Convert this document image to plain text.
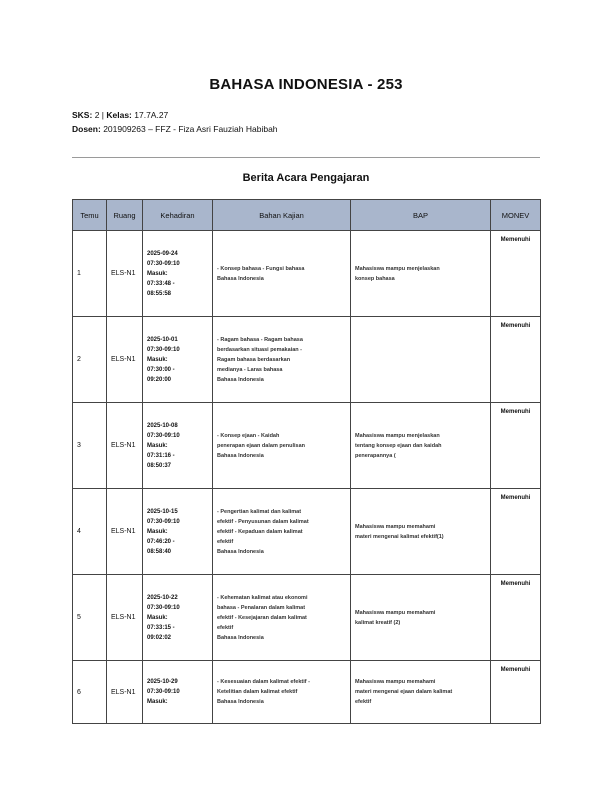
BAHASA INDONESIA - 253
SKS: 2 | Kelas: 17.7A.27
Dosen: 201909263 – FFZ - Fiza Asri Fauziah Habibah
Berita Acara Pengajaran
Temu	Ruang	Kehadiran	Bahan Kajian	BAP	MONEV
1	ELS-N1	2025-09-24
07:30-09:10
Masuk:
07:33:48 -
08:55:58	- Konsep bahasa - Fungsi bahasa
Bahasa Indonesia	Mahasiswa mampu menjelaskan
konsep bahasa	Memenuhi
2	ELS-N1	2025-10-01
07:30-09:10
Masuk:
07:30:00 -
09:20:00	- Ragam bahasa - Ragam bahasa
berdasarkan situasi pemakaian -
Ragam bahasa berdasarkan
medianya - Laras bahasa
Bahasa Indonesia		Memenuhi
3	ELS-N1	2025-10-08
07:30-09:10
Masuk:
07:31:16 -
08:50:37	- Konsep ejaan - Kaidah
penerapan ejaan dalam penulisan
Bahasa Indonesia	Mahasiswa mampu menjelaskan
tentang konsep ejaan dan kaidah
penerapannya (	Memenuhi
4	ELS-N1	2025-10-15
07:30-09:10
Masuk:
07:46:20 -
08:58:40	- Pengertian kalimat dan kalimat
efektif - Penyusunan dalam kalimat
efektif - Kepaduan dalam kalimat
efektif
Bahasa Indonesia	Mahasiswa mampu memahami
materi mengenai kalimat efektif(1)	Memenuhi
5	ELS-N1	2025-10-22
07:30-09:10
Masuk:
07:33:15 -
09:02:02	- Kehematan kalimat atau ekonomi
bahasa - Penalaran dalam kalimat
efektif - Kesejajaran dalam kalimat
efektif
Bahasa Indonesia	Mahasiswa mampu memahami
kalimat kreatif (2)	Memenuhi
6	ELS-N1	2025-10-29
07:30-09:10
Masuk:	- Kesesuaian dalam kalimat efektif -
Ketelitian dalam kalimat efektif
Bahasa Indonesia	Mahasiswa mampu memahami
materi mengenai ejaan dalam kalimat
efektif	Memenuhi
